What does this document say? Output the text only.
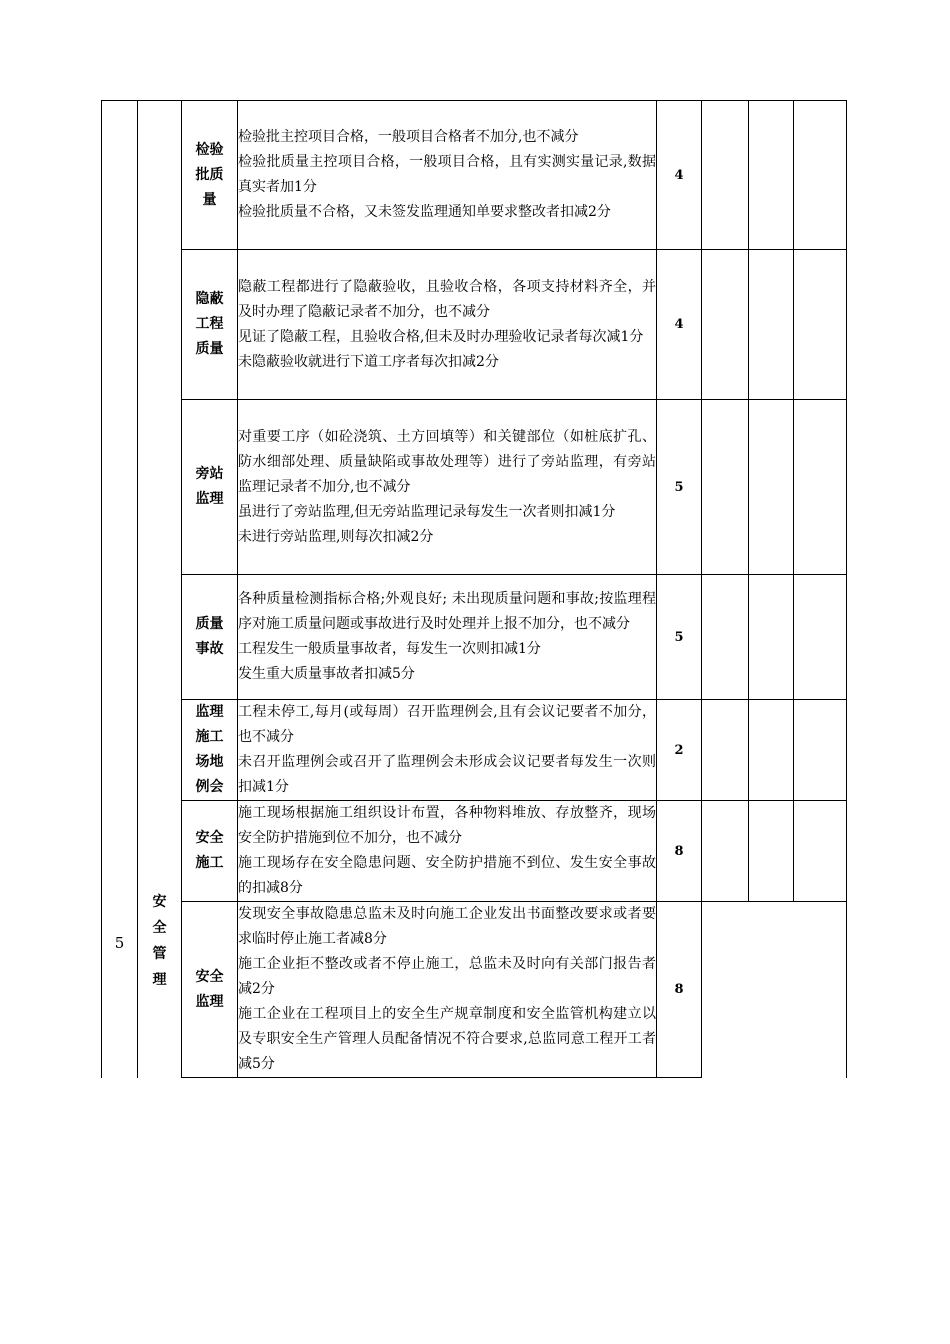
5	安全管理	检验批质量	检验批主控项目合格，一般项目合格者不加分,也不减分

检验批质量主控项目合格，一般项目合格，且有实测实量记录,数据真实者加1分

检验批质量不合格，又未签发监理通知单要求整改者扣减2分	4			
		隐蔽工程质量	隐蔽工程都进行了隐蔽验收，且验收合格，各项支持材料齐全，并及时办理了隐蔽记录者不加分，也不减分

见证了隐蔽工程，且验收合格,但未及时办理验收记录者每次减1分

未隐蔽验收就进行下道工序者每次扣减2分	4			
		旁站监理	对重要工序（如砼浇筑、土方回填等）和关键部位（如桩底扩孔、防水细部处理、质量缺陷或事故处理等）进行了旁站监理，有旁站监理记录者不加分,也不减分

虽进行了旁站监理,但无旁站监理记录每发生一次者则扣减1分

未进行旁站监理,则每次扣减2分	5			
		质量事故	各种质量检测指标合格;外观良好; 未出现质量问题和事故;按监理程序对施工质量问题或事故进行及时处理并上报不加分，也不减分

工程发生一般质量事故者，每发生一次则扣减1分

发生重大质量事故者扣减5分	5			
		监理施工场地例会	工程未停工,每月(或每周）召开监理例会,且有会议记要者不加分，也不减分

未召开监理例会或召开了监理例会未形成会议记要者每发生一次则扣减1分	2			
		安全施工	施工现场根据施工组织设计布置，各种物料堆放、存放整齐，现场安全防护措施到位不加分，也不减分

施工现场存在安全隐患问题、安全防护措施不到位、发生安全事故的扣减8分	8			
		安全监理	发现安全事故隐患总监未及时向施工企业发出书面整改要求或者要求临时停止施工者减8分

施工企业拒不整改或者不停止施工，总监未及时向有关部门报告者减2分

施工企业在工程项目上的安全生产规章制度和安全监管机构建立以及专职安全生产管理人员配备情况不符合要求,总监同意工程开工者减5分	8			
